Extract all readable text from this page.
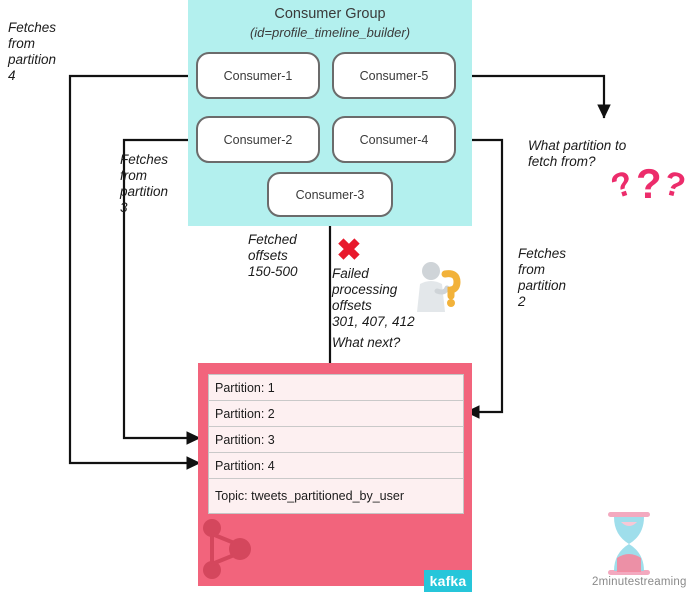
Consumer Group
(id=profile_timeline_builder)
Consumer-1	Consumer-5
Consumer-2	Consumer-4
Consumer-3
Partition: 1
Partition: 2
Partition: 3
Partition: 4
Topic: tweets_partitioned_by_user
kafka
Fetches
from
partition
4
Fetches
from
partition
3
Fetches
from
partition
2
What partition to
fetch from?
Fetched
offsets
150-500	Failed
processing
offsets
301, 407, 412
What next?
✖
?
?
?
2minutestreaming
